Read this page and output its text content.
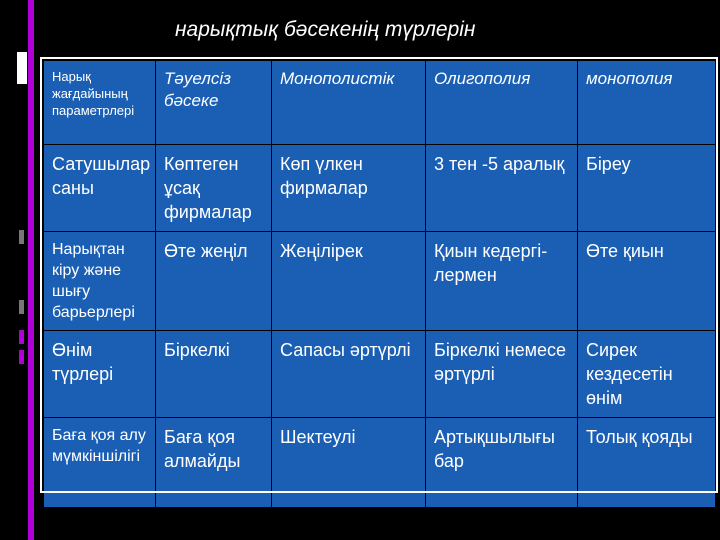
нарықтық бәсекенің түрлерін
Нарық жағдайының параметрлері	Тәуелсіз бәсеке	Монополистік	Олигополия	монополия
Сатушылар саны	Көптеген ұсақ фирмалар	Көп үлкен фирмалар	3 тен -5 аралық	Біреу
Нарықтан кіру және шығу барьерлері	Өте жеңіл	Жеңілірек	Қиын кедергі-лермен	Өте қиын
Өнім түрлері	Біркелкі	Сапасы әртүрлі	Біркелкі немесе әртүрлі	Сирек кездесетін өнім
Баға қоя алу мүмкіншілігі	Баға қоя алмайды	Шектеулі	Артықшылығы бар	Толық қояды
